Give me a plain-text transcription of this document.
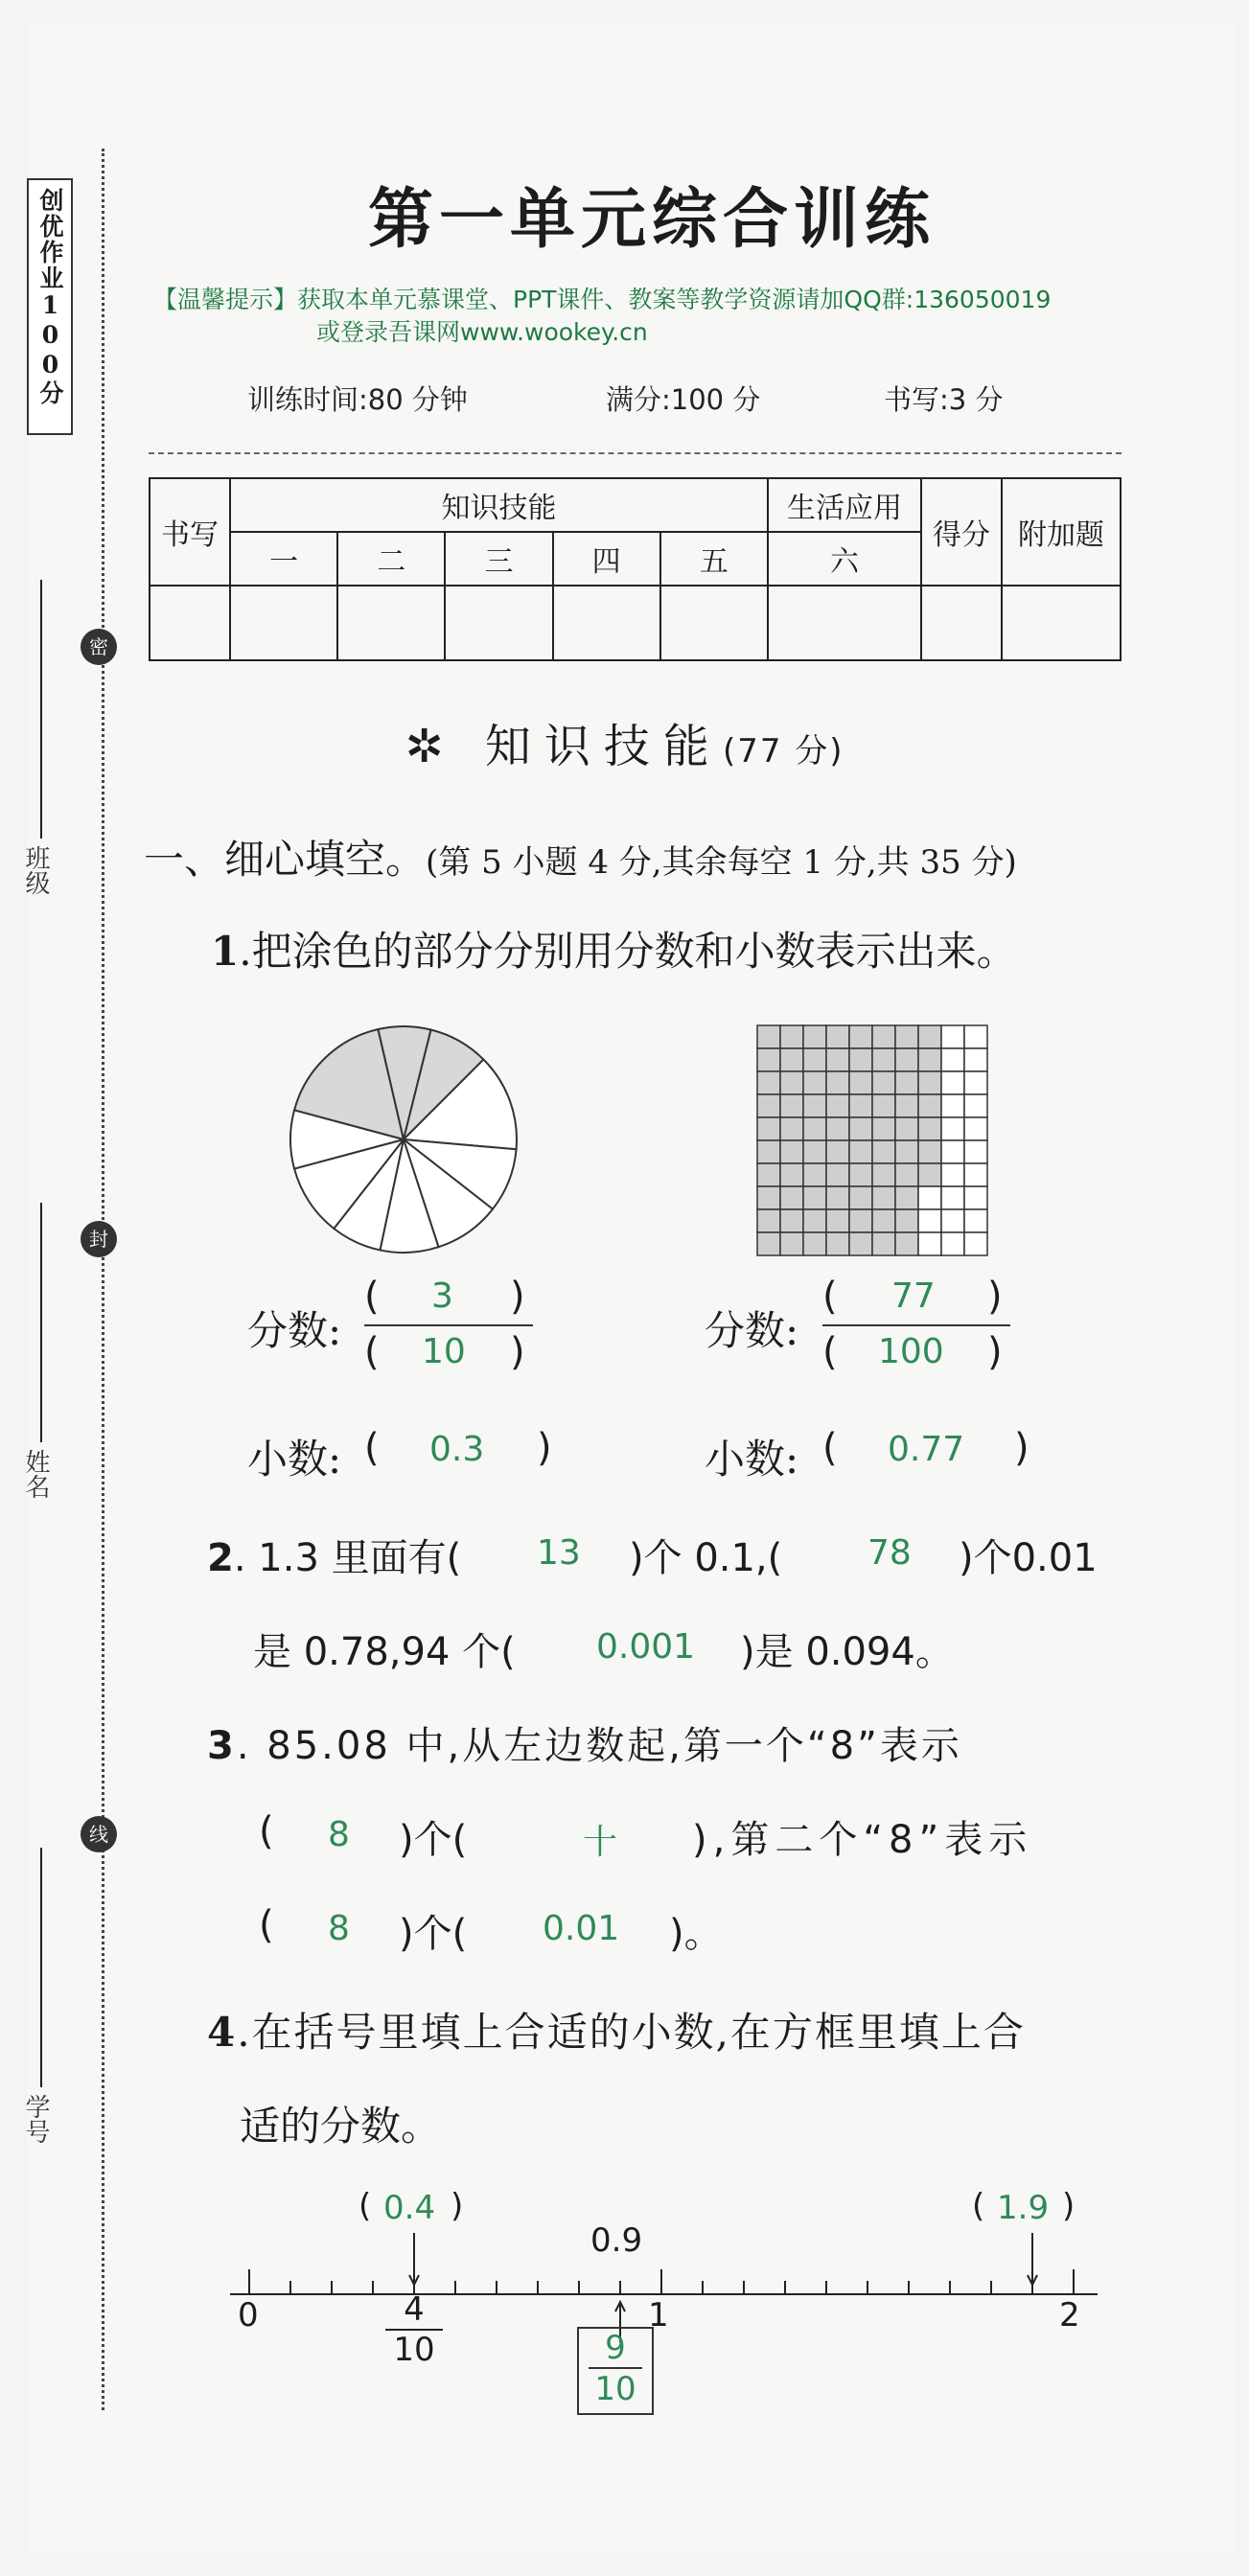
创优作业100分
密
封
线
班级
姓名
学号
第一单元综合训练
【温馨提示】获取本单元慕课堂、PPT课件、教案等教学资源请加QQ群:136050019
或登录吾课网www.wookey.cn
训练时间:80 分钟	满分:100 分	书写:3 分
书写	知识技能					生活应用	得分	附加题
	一	二	三	四	五	六		

✲ 知识技能(77 分)
一、细心填空。(第 5 小题 4 分,其余每空 1 分,共 35 分)
1.把涂色的部分分别用分数和小数表示出来。
分数:
( 3 )
( 10 )	分数:
( 77 )
( 100 )
小数: ( 0.3 )	小数: ( 0.77 )
2. 1.3 里面有( 13 )个 0.1,( 78 )个0.01
是 0.78,94 个( 0.001 )是 0.094。
3. 85.08 中,从左边数起,第一个“8”表示
( 8 )个(	十 ),第二个“8”表示
( 8 )个( 0.01 )。
4.在括号里填上合适的小数,在方框里填上合
适的分数。
( 0.4 )
0.9
( 1.9 )
0	1	2
4
10	9
10
